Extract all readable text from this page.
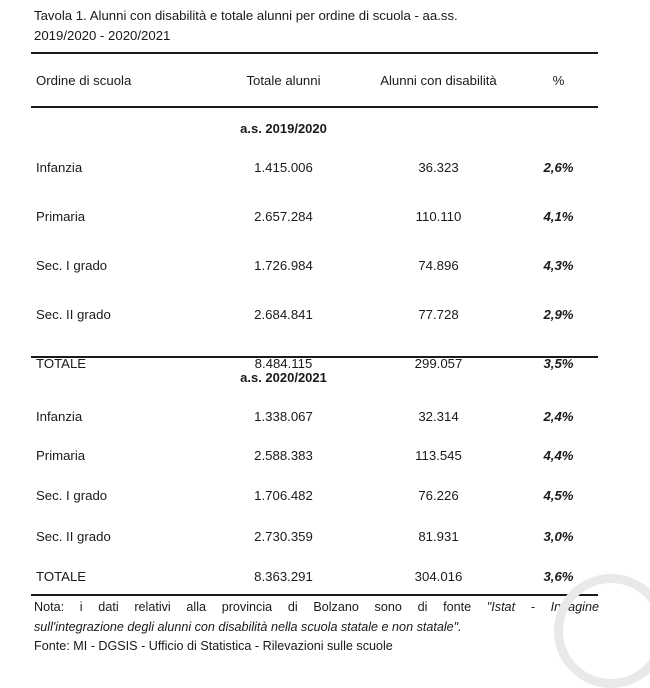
Tavola 1. Alunni con disabilità e totale alunni per ordine di scuola - aa.ss.
2019/2020 - 2020/2021
Ordine di scuola	Totale alunni	Alunni con disabilità	%
a.s. 2019/2020
Infanzia	1.415.006	36.323	2,6%
Primaria	2.657.284	110.110	4,1%
Sec. I grado	1.726.984	74.896	4,3%
Sec. II grado	2.684.841	77.728	2,9%
TOTALE	8.484.115	299.057	3,5%
a.s. 2020/2021
Infanzia	1.338.067	32.314	2,4%
Primaria	2.588.383	113.545	4,4%
Sec. I grado	1.706.482	76.226	4,5%
Sec. II grado	2.730.359	81.931	3,0%
TOTALE	8.363.291	304.016	3,6%
Nota: i dati relativi alla provincia di Bolzano sono di fonte "Istat - Indagine
sull'integrazione degli alunni con disabilità nella scuola statale e non statale".
Fonte: MI - DGSIS - Ufficio di Statistica - Rilevazioni sulle scuole
